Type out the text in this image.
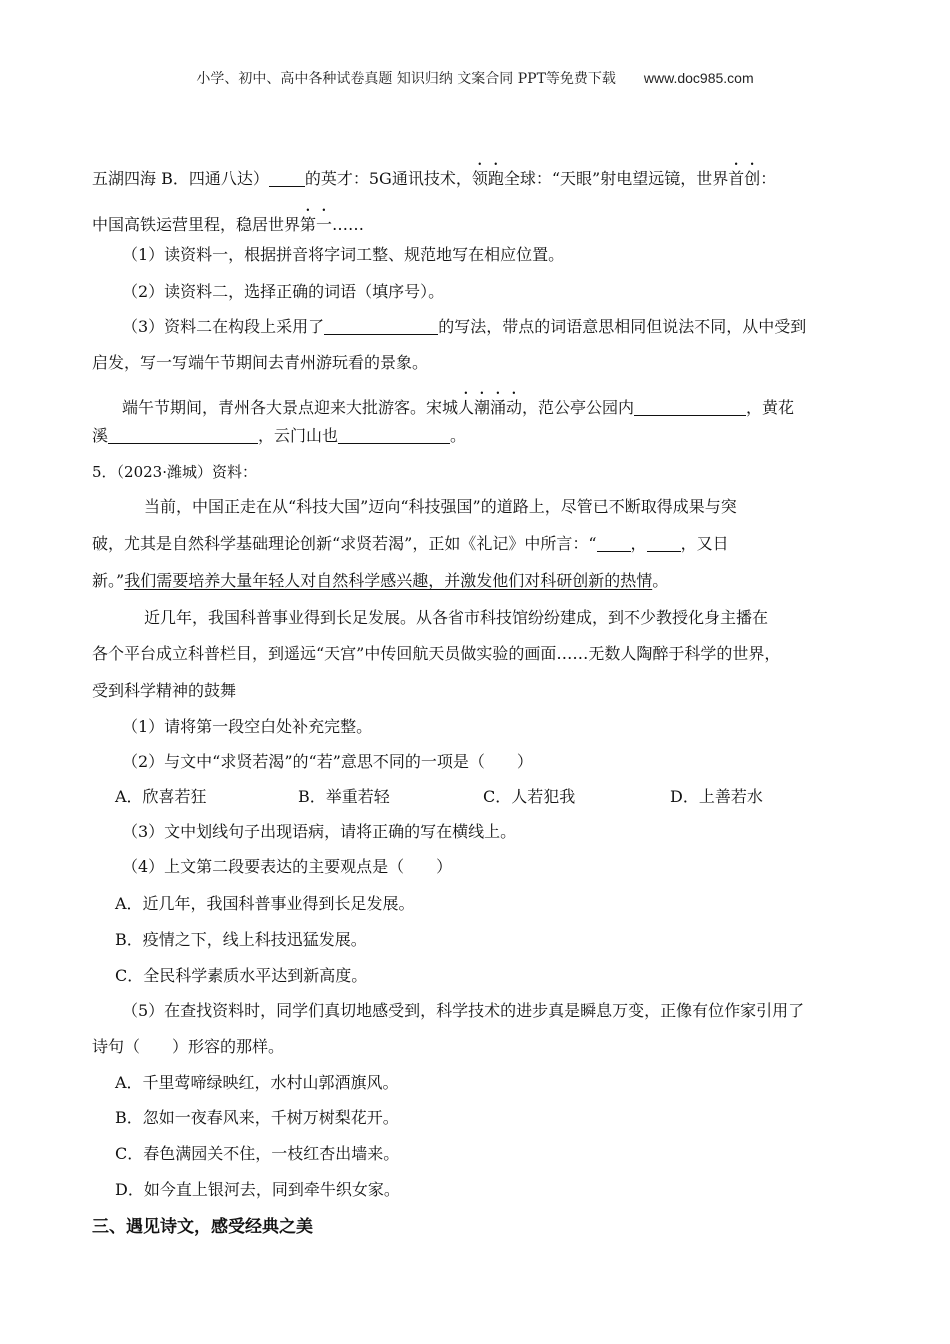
小学、初中、高中各种试卷真题 知识归纳 文案合同 PPT等免费下载 www.doc985.com
五湖四海 B．四通八达） 的英才：5G通讯技术，领跑全球：“天眼”射电望远镜，世界首创：
中国高铁运营里程，稳居世界第一……
（1）读资料一，根据拼音将字词工整、规范地写在相应位置。
（2）读资料二，选择正确的词语（填序号）。
（3）资料二在构段上采用了	的写法，带点的词语意思相同但说法不同，从中受到
启发，写一写端午节期间去青州游玩看的景象。
端午节期间，青州各大景点迎来大批游客。宋城人潮涌动，范公亭公园内	，黄花
溪	，云门山也	。
5．（2023·潍城）资料：
当前，中国正走在从“科技大国”迈向“科技强国”的道路上，尽管已不断取得成果与突
破，尤其是自然科学基础理论创新“求贤若渴”，正如《礼记》中所言：“ ， ，又日
新。”我们需要培养大量年轻人对自然科学感兴趣，并激发他们对科研创新的热情。
近几年，我国科普事业得到长足发展。从各省市科技馆纷纷建成，到不少教授化身主播在
各个平台成立科普栏目，到遥远“天宫”中传回航天员做实验的画面……无数人陶醉于科学的世界，
受到科学精神的鼓舞
（1）请将第一段空白处补充完整。
（2）与文中“求贤若渴”的“若”意思不同的一项是（　　）
A．欣喜若狂	B．举重若轻	C．人若犯我	D．上善若水
（3）文中划线句子出现语病，请将正确的写在横线上。
（4）上文第二段要表达的主要观点是（　　）
A．近几年，我国科普事业得到长足发展。
B．疫情之下，线上科技迅猛发展。
C．全民科学素质水平达到新高度。
（5）在查找资料时，同学们真切地感受到，科学技术的进步真是瞬息万变，正像有位作家引用了
诗句（　　）形容的那样。
A．千里莺啼绿映红，水村山郭酒旗风。
B．忽如一夜春风来，千树万树梨花开。
C．春色满园关不住，一枝红杏出墙来。
D．如今直上银河去，同到牵牛织女家。
三、遇见诗文，感受经典之美
